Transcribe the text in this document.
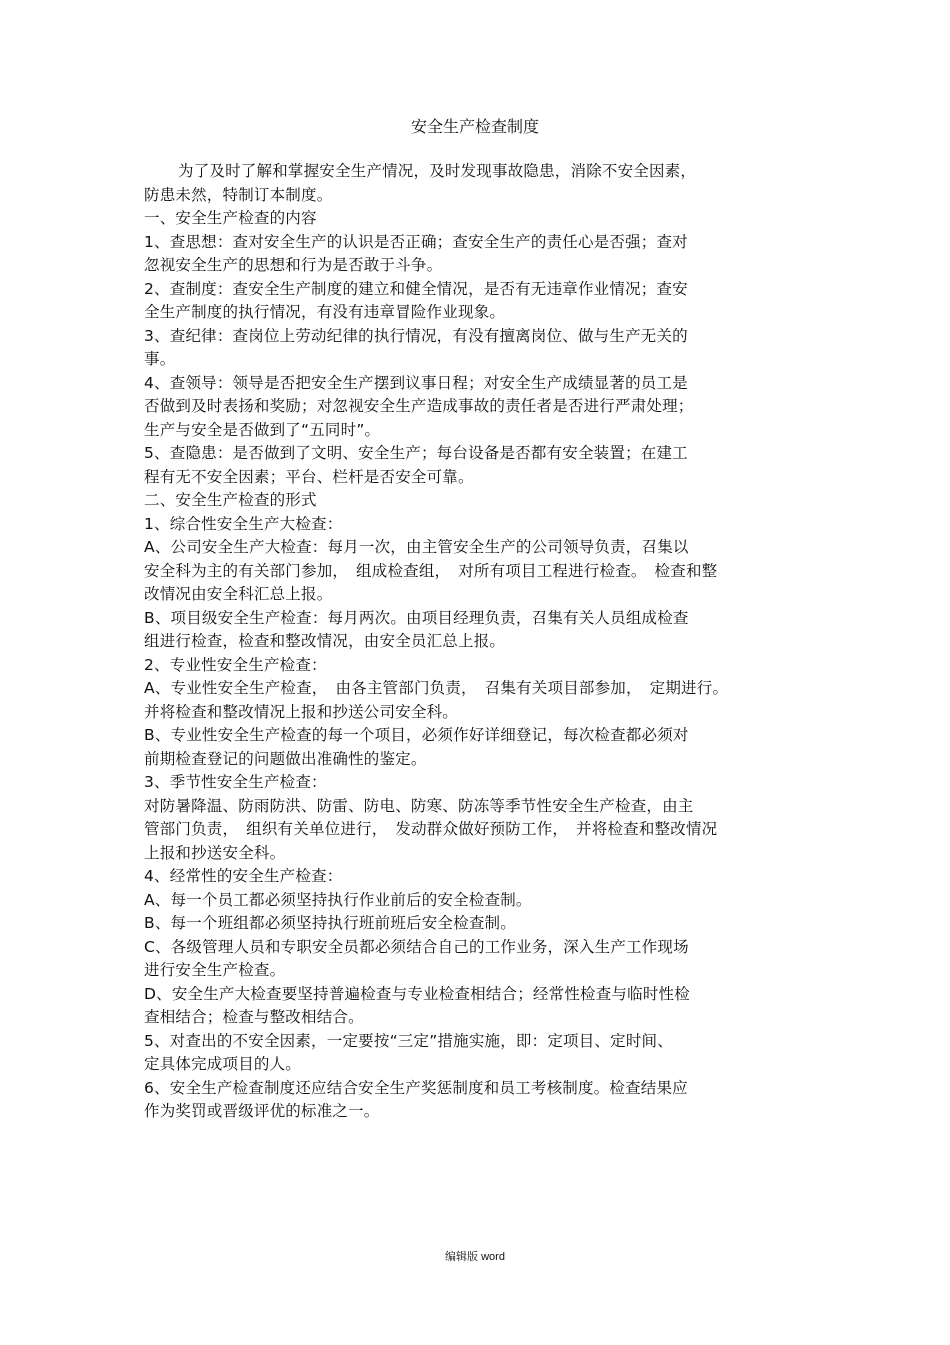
安全生产检查制度
为了及时了解和掌握安全生产情况，及时发现事故隐患，消除不安全因素，
防患未然，特制订本制度。
一、安全生产检查的内容
1、查思想：查对安全生产的认识是否正确；查安全生产的责任心是否强；查对
忽视安全生产的思想和行为是否敢于斗争。
2、查制度：查安全生产制度的建立和健全情况，是否有无违章作业情况；查安
全生产制度的执行情况，有没有违章冒险作业现象。
3、查纪律：查岗位上劳动纪律的执行情况，有没有擅离岗位、做与生产无关的
事。
4、查领导：领导是否把安全生产摆到议事日程；对安全生产成绩显著的员工是
否做到及时表扬和奖励；对忽视安全生产造成事故的责任者是否进行严肃处理；
生产与安全是否做到了“五同时”。
5、查隐患：是否做到了文明、安全生产；每台设备是否都有安全装置；在建工
程有无不安全因素；平台、栏杆是否安全可靠。
二、安全生产检查的形式
1、综合性安全生产大检查：
A、公司安全生产大检查：每月一次，由主管安全生产的公司领导负责，召集以
安全科为主的有关部门参加，　组成检查组，　对所有项目工程进行检查。　检查和整
改情况由安全科汇总上报。
B、项目级安全生产检查：每月两次。由项目经理负责，召集有关人员组成检查
组进行检查，检查和整改情况，由安全员汇总上报。
2、专业性安全生产检查：
A、专业性安全生产检查，　由各主管部门负责，　召集有关项目部参加，　定期进行。
并将检查和整改情况上报和抄送公司安全科。
B、专业性安全生产检查的每一个项目，必须作好详细登记，每次检查都必须对
前期检查登记的问题做出准确性的鉴定。
3、季节性安全生产检查：
对防暑降温、防雨防洪、防雷、防电、防寒、防冻等季节性安全生产检查，由主
管部门负责，　组织有关单位进行，　发动群众做好预防工作，　并将检查和整改情况
上报和抄送安全科。
4、经常性的安全生产检查：
A、每一个员工都必须坚持执行作业前后的安全检查制。
B、每一个班组都必须坚持执行班前班后安全检查制。
C、各级管理人员和专职安全员都必须结合自己的工作业务，深入生产工作现场
进行安全生产检查。
D、安全生产大检查要坚持普遍检查与专业检查相结合；经常性检查与临时性检
查相结合；检查与整改相结合。
5、对查出的不安全因素，一定要按“三定”措施实施，即：定项目、定时间、
定具体完成项目的人。
6、安全生产检查制度还应结合安全生产奖惩制度和员工考核制度。检查结果应
作为奖罚或晋级评优的标准之一。
编辑版 word
